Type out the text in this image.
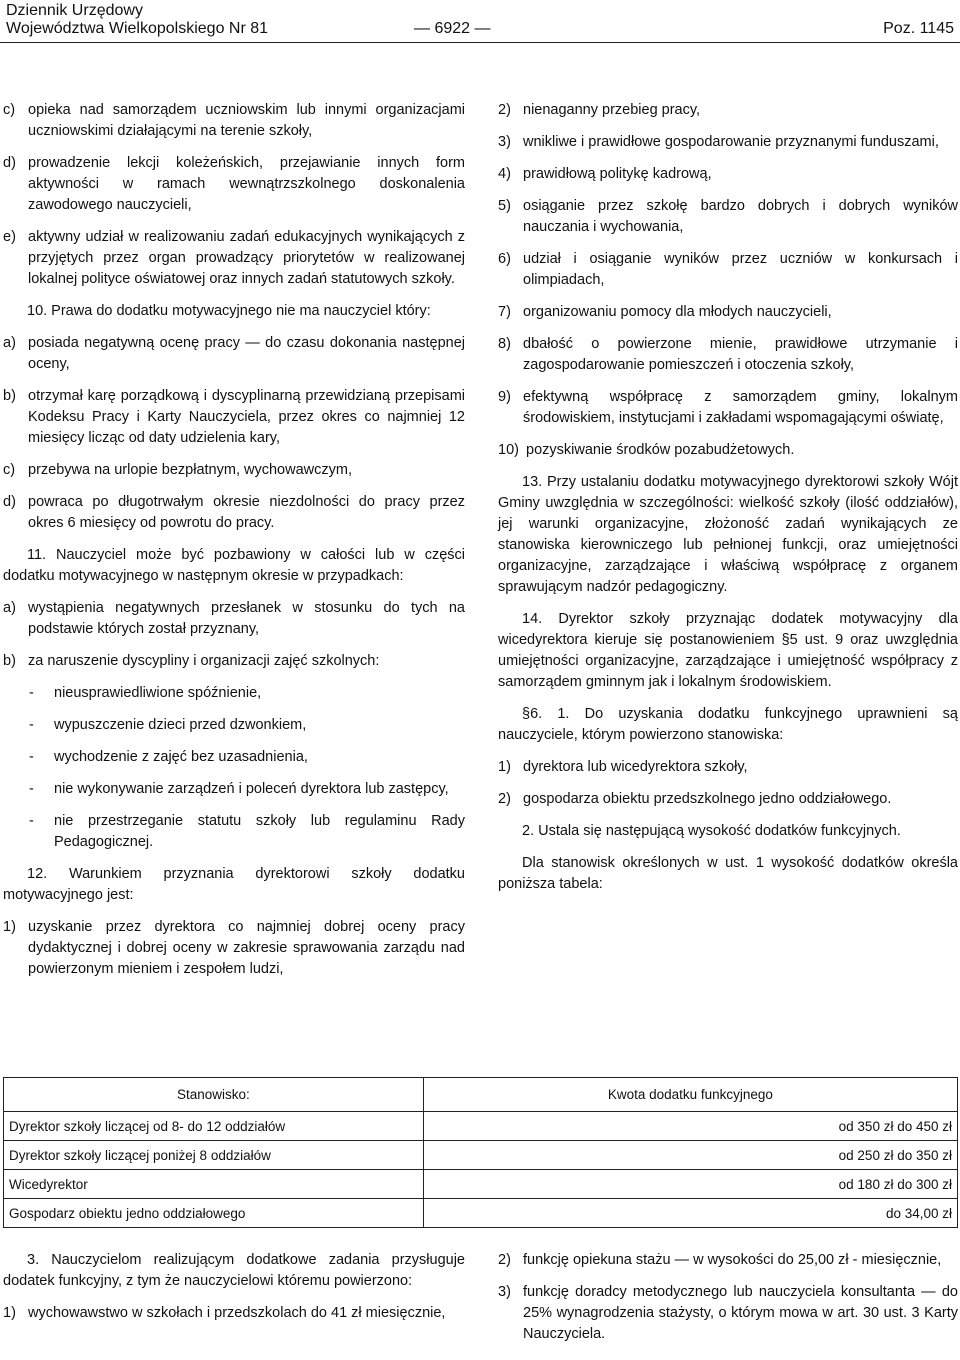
Dziennik Urzędowy
Województwa Wielkopolskiego Nr 81	— 6922 —	Poz. 1145
c) opieka nad samorządem uczniowskim lub innymi organizacjami uczniowskimi działającymi na terenie szkoły,
d) prowadzenie lekcji koleżeńskich, przejawianie innych form aktywności w ramach wewnątrzszkolnego doskonalenia zawodowego nauczycieli,
e) aktywny udział w realizowaniu zadań edukacyjnych wynikających z przyjętych przez organ prowadzący priorytetów w realizowanej lokalnej polityce oświatowej oraz innych zadań statutowych szkoły.
10. Prawa do dodatku motywacyjnego nie ma nauczyciel który:
a) posiada negatywną ocenę pracy — do czasu dokonania następnej oceny,
b) otrzymał karę porządkową i dyscyplinarną przewidzianą przepisami Kodeksu Pracy i Karty Nauczyciela, przez okres co najmniej 12 miesięcy licząc od daty udzielenia kary,
c) przebywa na urlopie bezpłatnym, wychowawczym,
d) powraca po długotrwałym okresie niezdolności do pracy przez okres 6 miesięcy od powrotu do pracy.
11. Nauczyciel może być pozbawiony w całości lub w części dodatku motywacyjnego w następnym okresie w przypadkach:
a) wystąpienia negatywnych przesłanek w stosunku do tych na podstawie których został przyznany,
b) za naruszenie dyscypliny i organizacji zajęć szkolnych:
-	nieusprawiedliwione spóźnienie,
-	wypuszczenie dzieci przed dzwonkiem,
-	wychodzenie z zajęć bez uzasadnienia,
-	nie wykonywanie zarządzeń i poleceń dyrektora lub zastępcy,
-	nie przestrzeganie statutu szkoły lub regulaminu Rady Pedagogicznej.
12. Warunkiem przyznania dyrektorowi szkoły dodatku motywacyjnego jest:
1) uzyskanie przez dyrektora co najmniej dobrej oceny pracy dydaktycznej i dobrej oceny w zakresie sprawowania zarządu nad powierzonym mieniem i zespołem ludzi,
2) nienaganny przebieg pracy,
3) wnikliwe i prawidłowe gospodarowanie przyznanymi funduszami,
4) prawidłową politykę kadrową,
5) osiąganie przez szkołę bardzo dobrych i dobrych wyników nauczania i wychowania,
6) udział i osiąganie wyników przez uczniów w konkursach i olimpiadach,
7) organizowaniu pomocy dla młodych nauczycieli,
8) dbałość o powierzone mienie, prawidłowe utrzymanie i zagospodarowanie pomieszczeń i otoczenia szkoły,
9) efektywną współpracę z samorządem gminy, lokalnym środowiskiem, instytucjami i zakładami wspomagającymi oświatę,
10) pozyskiwanie środków pozabudżetowych.
13. Przy ustalaniu dodatku motywacyjnego dyrektorowi szkoły Wójt Gminy uwzględnia w szczególności: wielkość szkoły (ilość oddziałów), jej warunki organizacyjne, złożoność zadań wynikających ze stanowiska kierowniczego lub pełnionej funkcji, oraz umiejętności organizacyjne, zarządzające i właściwą współpracę z organem sprawującym nadzór pedagogiczny.
14. Dyrektor szkoły przyznając dodatek motywacyjny dla wicedyrektora kieruje się postanowieniem §5 ust. 9 oraz uwzględnia umiejętności organizacyjne, zarządzające i umiejętność współpracy z samorządem gminnym jak i lokalnym środowiskiem.
§6. 1. Do uzyskania dodatku funkcyjnego uprawnieni są nauczyciele, którym powierzono stanowiska:
1) dyrektora lub wicedyrektora szkoły,
2) gospodarza obiektu przedszkolnego jedno oddziałowego.
2. Ustala się następującą wysokość dodatków funkcyjnych.
Dla stanowisk określonych w ust. 1 wysokość dodatków określa poniższa tabela:
Stanowisko:	Kwota dodatku funkcyjnego
Dyrektor szkoły liczącej od 8- do 12 oddziałów	od 350 zł do 450 zł
Dyrektor szkoły liczącej poniżej 8 oddziałów	od 250 zł do 350 zł
Wicedyrektor	od 180 zł do 300 zł
Gospodarz obiektu jedno oddziałowego	do 34,00 zł
3. Nauczycielom realizującym dodatkowe zadania przysługuje dodatek funkcyjny, z tym że nauczycielowi któremu powierzono:
1) wychowawstwo w szkołach i przedszkolach do 41 zł miesięcznie,
2) funkcję opiekuna stażu — w wysokości do 25,00 zł - miesięcznie,
3) funkcję doradcy metodycznego lub nauczyciela konsultanta — do 25% wynagrodzenia stażysty, o którym mowa w art. 30 ust. 3 Karty Nauczyciela.
